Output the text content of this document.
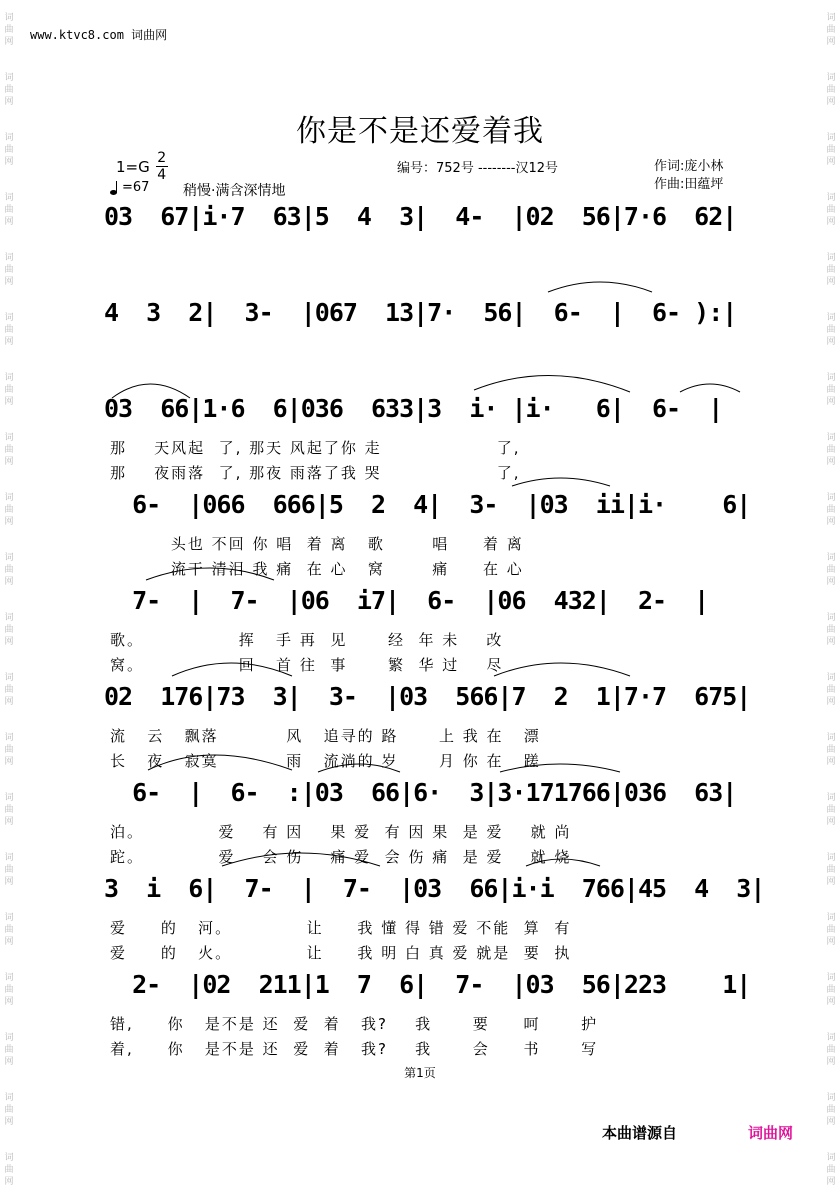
词
曲
网
词
曲
网
词
曲
网
词
曲
网
词
曲
网
词
曲
网
词
曲
网
词
曲
网
词
曲
网
词
曲
网
词
曲
网
词
曲
网
词
曲
网
词
曲
网
词
曲
网
词
曲
网
词
曲
网
词
曲
网
词
曲
网
词
曲
网
词
曲
网
词
曲
网
词
曲
网
词
曲
网
词
曲
网
词
曲
网
词
曲
网
词
曲
网
词
曲
网
词
曲
网
词
曲
网
词
曲
网
词
曲
网
词
曲
网
词
曲
网
词
曲
网
词
曲
网
词
曲
网
词
曲
网
词
曲
网
www.ktvc8.com 词曲网
你是不是还爱着我
$1=G \frac{2}{4}$
=67 稍慢·满含深情地
编号：752号 --------汉12号	作词:庞小林
作曲:田蕴坪
03  67|i·7  63|5  4  3|  4-  |02  56|7·6  62|
4  3  2|  3-  |067  13|7·  56|  6-  |  6- ):|
03  66|1·6  6|036  633|3  i· |i·   6|  6-  |
那    天风起  了, 那天 风起了你 走                 了,
那    夜雨落  了, 那夜 雨落了我 哭                 了,
6-  |066  666|5  2  4|  3-  |03  ii|i·    6|
头也 不回 你 唱  着 离   歌       唱     着 离
流干 清泪 我 痛  在 心   窝       痛     在 心
7-  |  7-  |06  i7|  6-  |06  432|  2-  |
歌。              挥   手 再  见      经  年 未    改
窝。              回   首 往  事      繁  华 过    尽
02  176|73  3|  3-  |03  566|7  2  1|7·7  675|
流   云   飘落          风   追寻的 路      上 我 在   漂
长   夜   寂寞          雨   流淌的 岁      月 你 在   蹉
6-  |  6-  :|03  66|6·  3|3·171766|036  63|
泊。           爱    有 因    果 爱  有 因 果  是 爱    就 尚
跎。           爱    会 伤    痛 爱  会 伤 痛  是 爱    就 烧
3  i  6|  7-  |  7-  |03  66|i·i  766|45  4  3|
爱     的   河。           让     我 懂 得 错 爱 不能  算  有
爱     的   火。           让     我 明 白 真 爱 就是  要  执
2-  |02  211|1  7  6|  7-  |03  56|223    1|
错,     你   是不是 还  爱  着   我?    我      要     呵      护
着,     你   是不是 还  爱  着   我?    我      会     书      写
第1页
本曲谱源自	词曲网
